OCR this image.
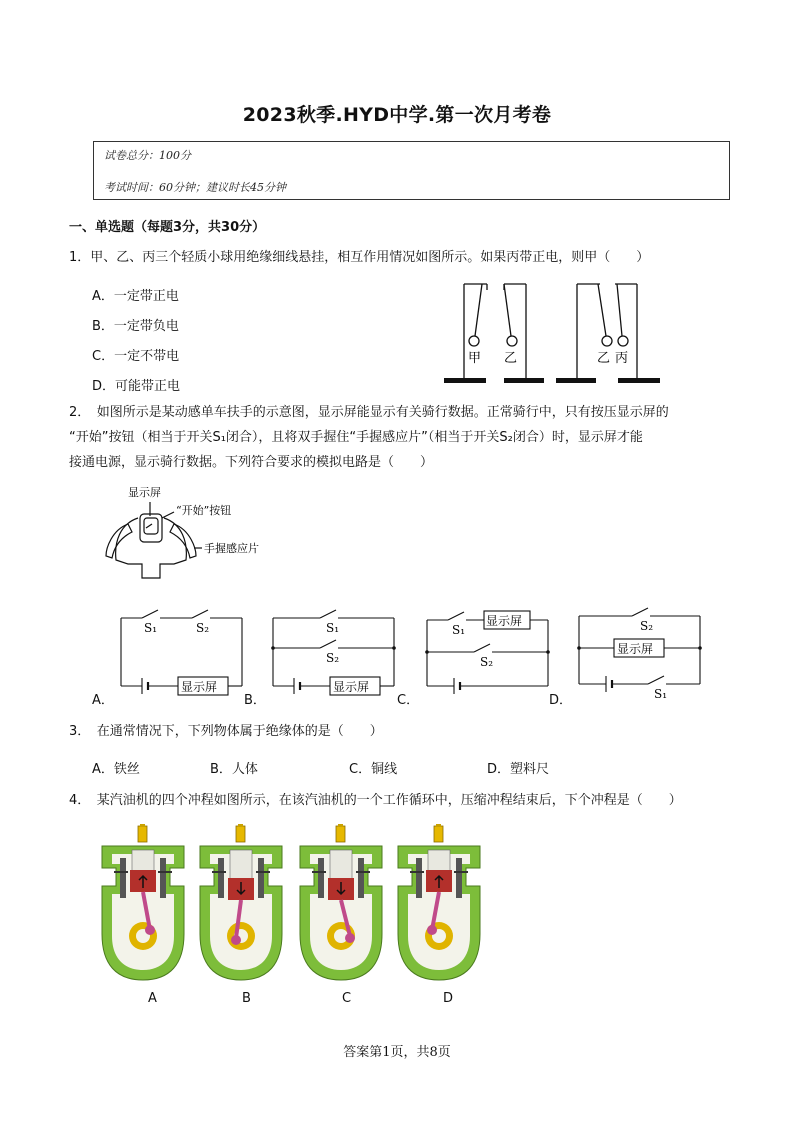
2023秋季.HYD中学.第一次月考卷
试卷总分：100分
考试时间：60分钟；建议时长45分钟
一、单选题（每题3分，共30分）
1．甲、乙、丙三个轻质小球用绝缘细线悬挂，相互作用情况如图所示。如果丙带正电，则甲（　　）
A．一定带正电
B．一定带负电
C．一定不带电
D．可能带正电
甲 乙	乙 丙
2．　如图所示是某动感单车扶手的示意图，显示屏能显示有关骑行数据。正常骑行中，只有按压显示屏的
“开始”按钮（相当于开关S₁闭合），且将双手握住“手握感应片”（相当于开关S₂闭合）时，显示屏才能
接通电源，显示骑行数据。下列符合要求的模拟电路是（　　）
显示屏
“开始”按钮
手握感应片
A．
S₁	S₂
显示屏
B．
S₁
S₂
显示屏
C．
S₁
显示屏
S₂
D．
S₂
显示屏
S₁
3．　在通常情况下，下列物体属于绝缘体的是（　　）
A．铁丝	B．人体	C．铜线	D．塑料尺
4．　某汽油机的四个冲程如图所示，在该汽油机的一个工作循环中，压缩冲程结束后，下个冲程是（　　）
A	B	C	D
答案第1页，共8页
